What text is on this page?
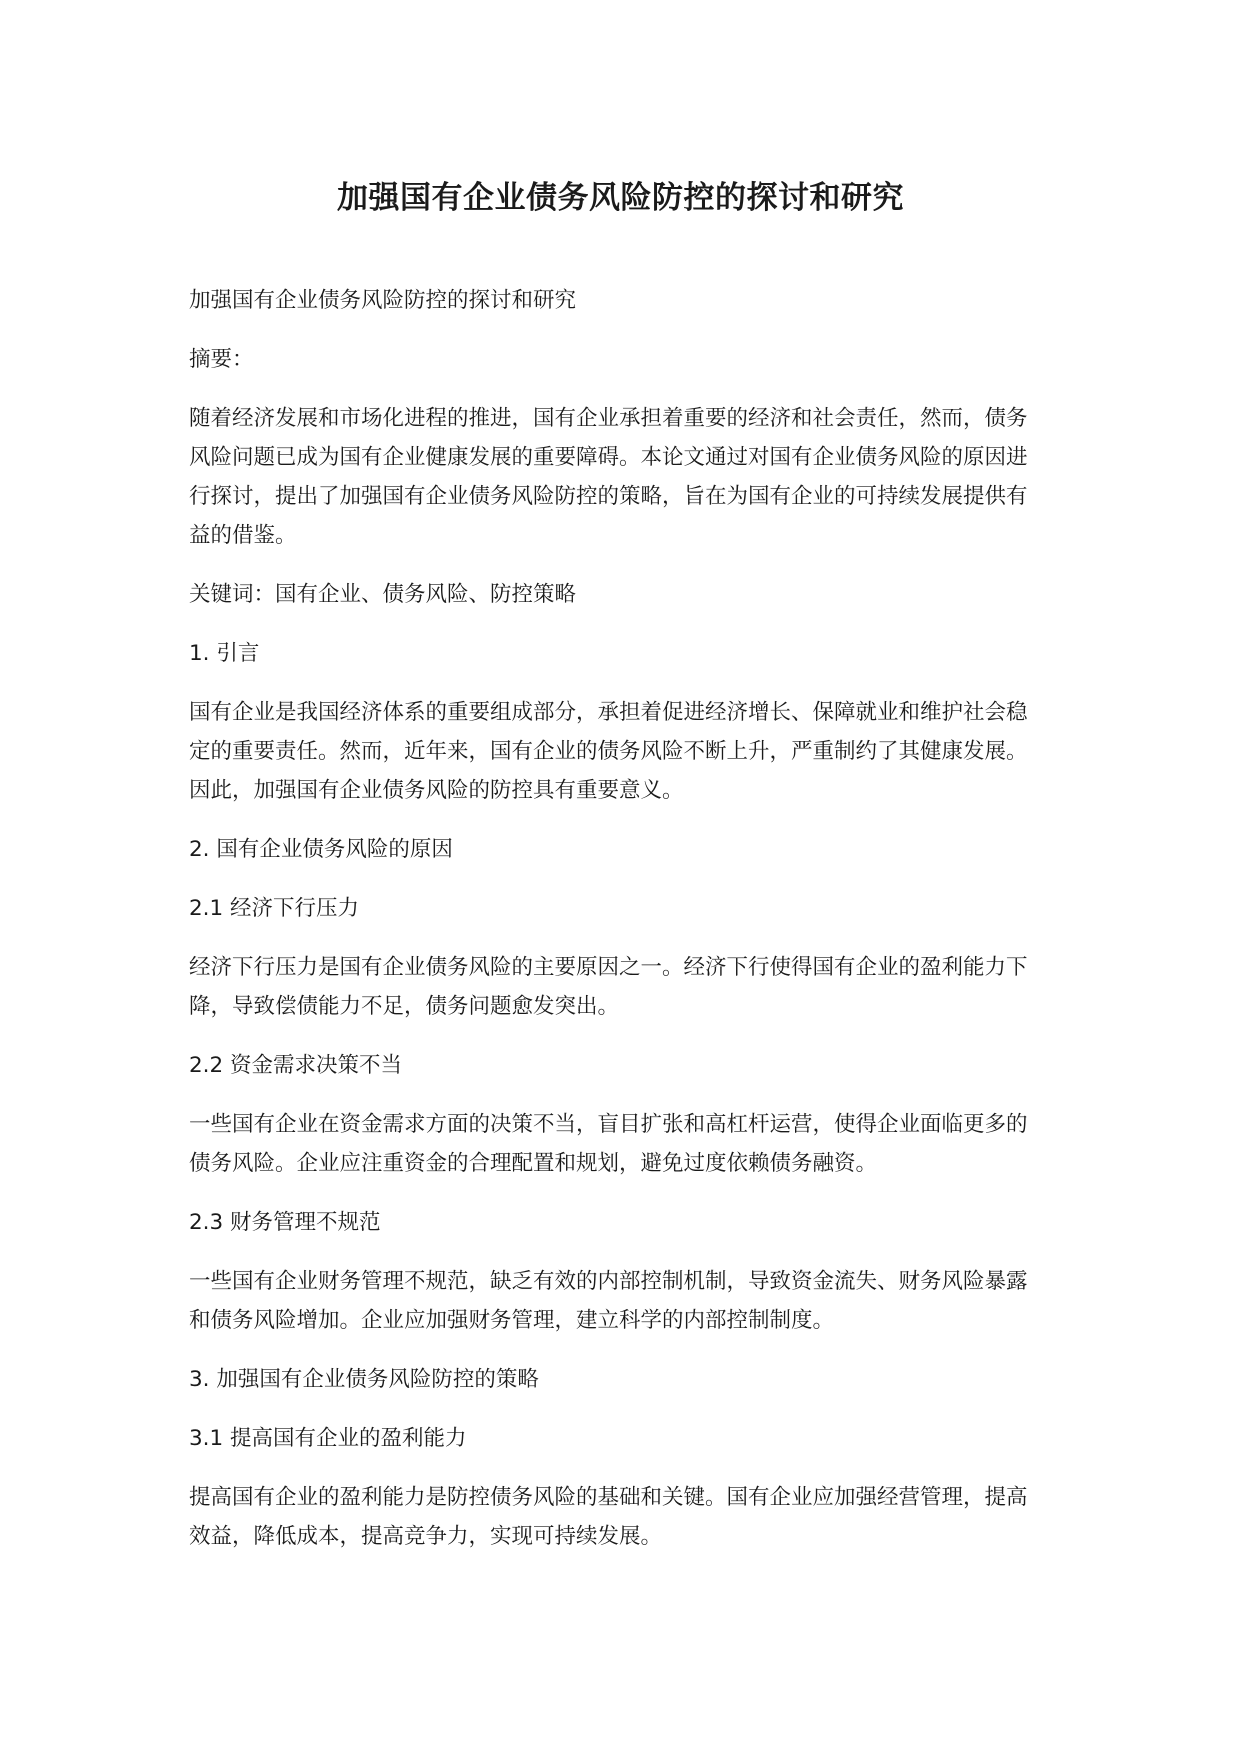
加强国有企业债务风险防控的探讨和研究

加强国有企业债务风险防控的探讨和研究

摘要：

随着经济发展和市场化进程的推进，国有企业承担着重要的经济和社会责任，然而，债务风险问题已成为国有企业健康发展的重要障碍。本论文通过对国有企业债务风险的原因进行探讨，提出了加强国有企业债务风险防控的策略，旨在为国有企业的可持续发展提供有益的借鉴。

关键词：国有企业、债务风险、防控策略

1. 引言

国有企业是我国经济体系的重要组成部分，承担着促进经济增长、保障就业和维护社会稳定的重要责任。然而，近年来，国有企业的债务风险不断上升，严重制约了其健康发展。因此，加强国有企业债务风险的防控具有重要意义。

2. 国有企业债务风险的原因

2.1 经济下行压力

经济下行压力是国有企业债务风险的主要原因之一。经济下行使得国有企业的盈利能力下降，导致偿债能力不足，债务问题愈发突出。

2.2 资金需求决策不当

一些国有企业在资金需求方面的决策不当，盲目扩张和高杠杆运营，使得企业面临更多的债务风险。企业应注重资金的合理配置和规划，避免过度依赖债务融资。

2.3 财务管理不规范

一些国有企业财务管理不规范，缺乏有效的内部控制机制，导致资金流失、财务风险暴露和债务风险增加。企业应加强财务管理，建立科学的内部控制制度。

3. 加强国有企业债务风险防控的策略

3.1 提高国有企业的盈利能力

提高国有企业的盈利能力是防控债务风险的基础和关键。国有企业应加强经营管理，提高效益，降低成本，提高竞争力，实现可持续发展。
